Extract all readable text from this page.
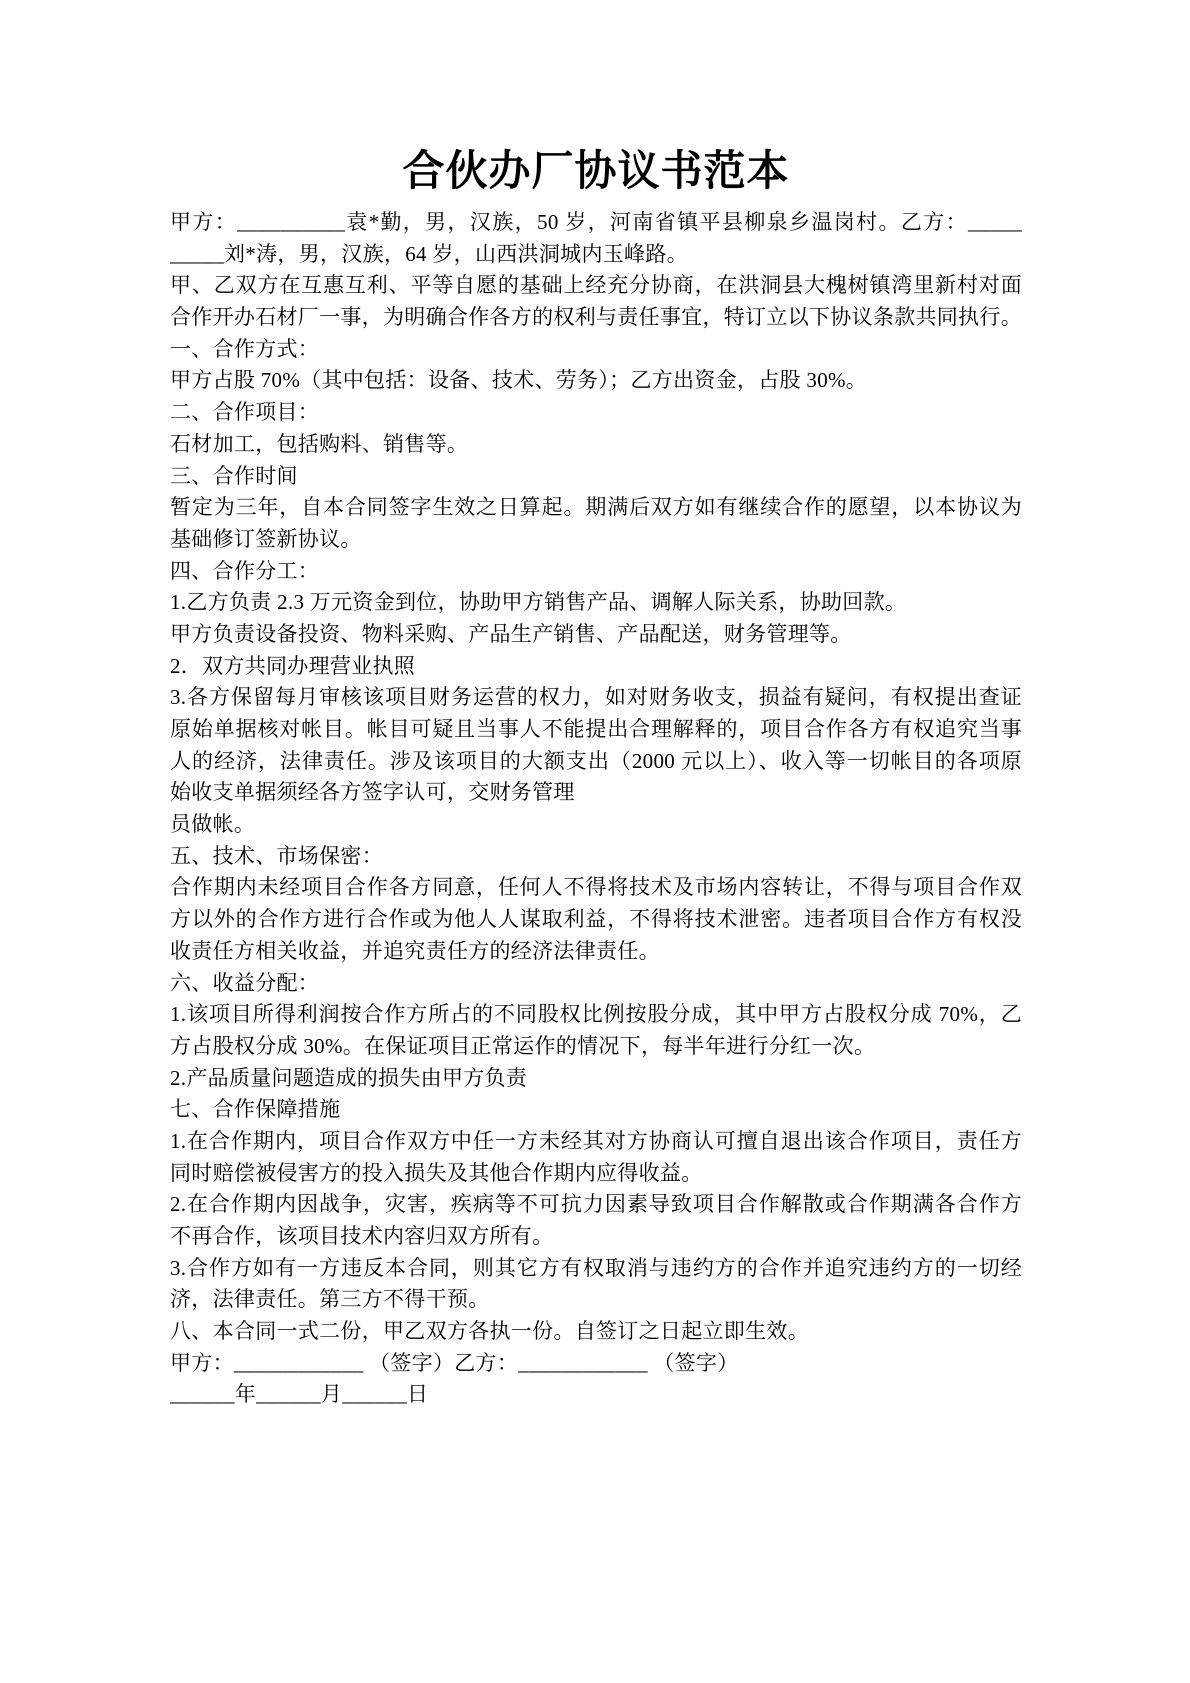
合伙办厂协议书范本
甲方：__________袁*勤，男，汉族，50 岁，河南省镇平县柳泉乡温岗村。乙方：_____
_____刘*涛，男，汉族，64 岁，山西洪洞城内玉峰路。
甲、乙双方在互惠互利、平等自愿的基础上经充分协商，在洪洞县大槐树镇湾里新村对面
合作开办石材厂一事，为明确合作各方的权利与责任事宜，特订立以下协议条款共同执行。
一、合作方式：
甲方占股 70%（其中包括：设备、技术、劳务）；乙方出资金，占股 30%。
二、合作项目：
石材加工，包括购料、销售等。
三、合作时间
暂定为三年，自本合同签字生效之日算起。期满后双方如有继续合作的愿望，以本协议为
基础修订签新协议。
四、合作分工：
1.乙方负责 2.3 万元资金到位，协助甲方销售产品、调解人际关系，协助回款。
甲方负责设备投资、物料采购、产品生产销售、产品配送，财务管理等。
2．双方共同办理营业执照
3.各方保留每月审核该项目财务运营的权力，如对财务收支，损益有疑问，有权提出查证
原始单据核对帐目。帐目可疑且当事人不能提出合理解释的，项目合作各方有权追究当事
人的经济，法律责任。涉及该项目的大额支出（2000 元以上）、收入等一切帐目的各项原
始收支单据须经各方签字认可，交财务管理
员做帐。
五、技术、市场保密：
合作期内未经项目合作各方同意，任何人不得将技术及市场内容转让，不得与项目合作双
方以外的合作方进行合作或为他人人谋取利益，不得将技术泄密。违者项目合作方有权没
收责任方相关收益，并追究责任方的经济法律责任。
六、收益分配：
1.该项目所得利润按合作方所占的不同股权比例按股分成，其中甲方占股权分成 70%，乙
方占股权分成 30%。在保证项目正常运作的情况下，每半年进行分红一次。
2.产品质量问题造成的损失由甲方负责
七、合作保障措施
1.在合作期内，项目合作双方中任一方未经其对方协商认可擅自退出该合作项目，责任方
同时赔偿被侵害方的投入损失及其他合作期内应得收益。
2.在合作期内因战争，灾害，疾病等不可抗力因素导致项目合作解散或合作期满各合作方
不再合作，该项目技术内容归双方所有。
3.合作方如有一方违反本合同，则其它方有权取消与违约方的合作并追究违约方的一切经
济，法律责任。第三方不得干预。
八、本合同一式二份，甲乙双方各执一份。自签订之日起立即生效。
甲方：____________ （签字）乙方：____________ （签字）
______年______月______日
